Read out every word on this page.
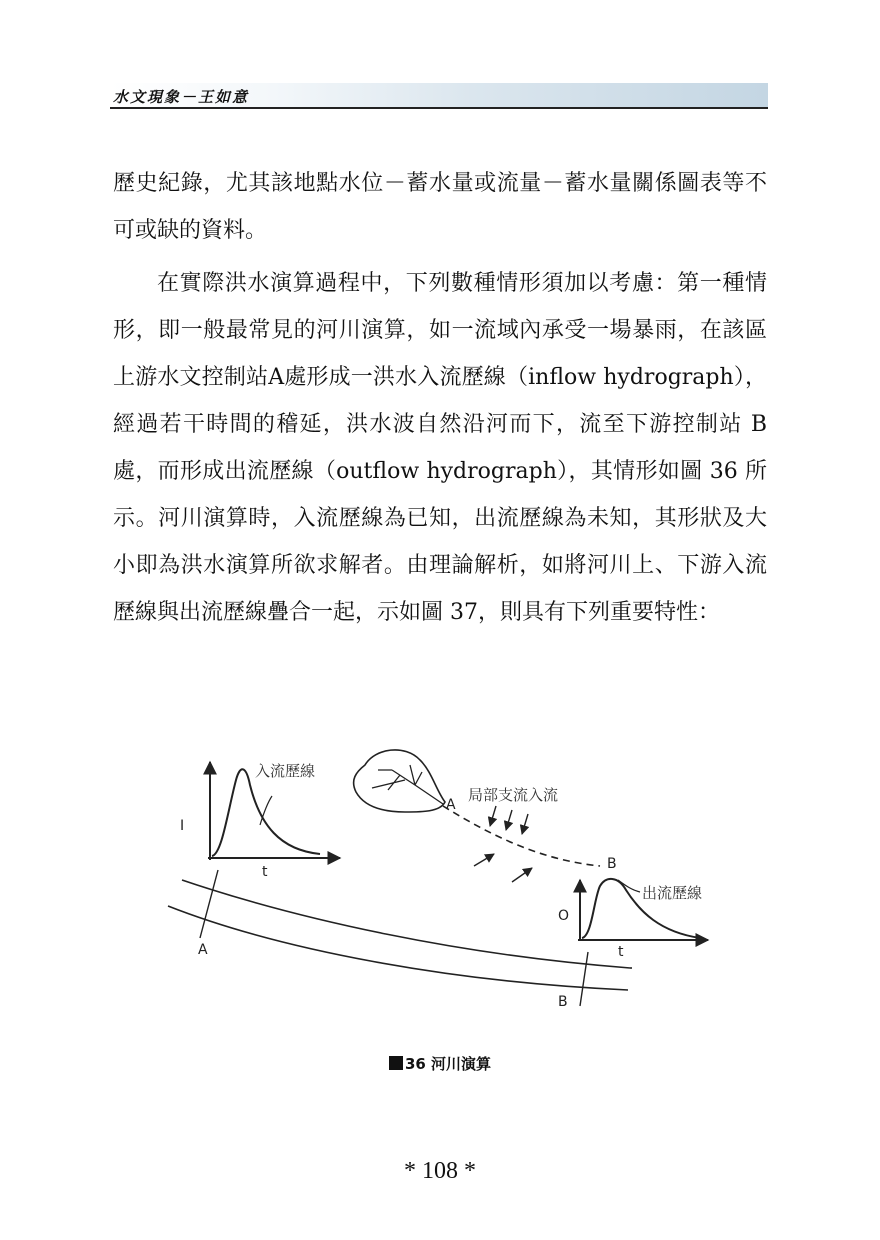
水文現象－王如意

歷史紀錄，尤其該地點水位－蓄水量或流量－蓄水量關係圖表等不可或缺的資料。

在實際洪水演算過程中，下列數種情形須加以考慮：第一種情形，即一般最常見的河川演算，如一流域內承受一場暴雨，在該區上游水文控制站A處形成一洪水入流歷線（inflow hydrograph），經過若干時間的稽延，洪水波自然沿河而下，流至下游控制站 B 處，而形成出流歷線（outflow hydrograph），其情形如圖 36 所示。河川演算時，入流歷線為已知，出流歷線為未知，其形狀及大小即為洪水演算所欲求解者。由理論解析，如將河川上、下游入流歷線與出流歷線疊合一起，示如圖 37，則具有下列重要特性：

I
t
入流歷線
A
B
局部支流入流
O
t
出流歷線
A
B
36 河川演算
* 108 *
